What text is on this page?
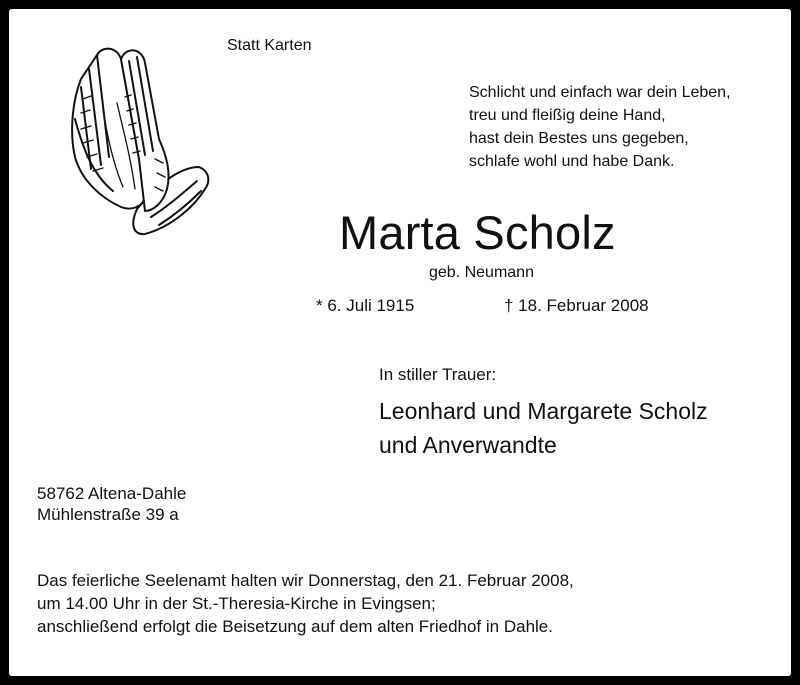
Statt Karten
Schlicht und einfach war dein Leben,
treu und fleißig deine Hand,
hast dein Bestes uns gegeben,
schlafe wohl und habe Dank.
Marta Scholz
geb. Neumann
* 6. Juli 1915	† 18. Februar 2008
In stiller Trauer:
Leonhard und Margarete Scholz
und Anverwandte
58762 Altena-Dahle
Mühlenstraße 39 a
Das feierliche Seelenamt halten wir Donnerstag, den 21. Februar 2008,
um 14.00 Uhr in der St.-Theresia-Kirche in Evingsen;
anschließend erfolgt die Beisetzung auf dem alten Friedhof in Dahle.
